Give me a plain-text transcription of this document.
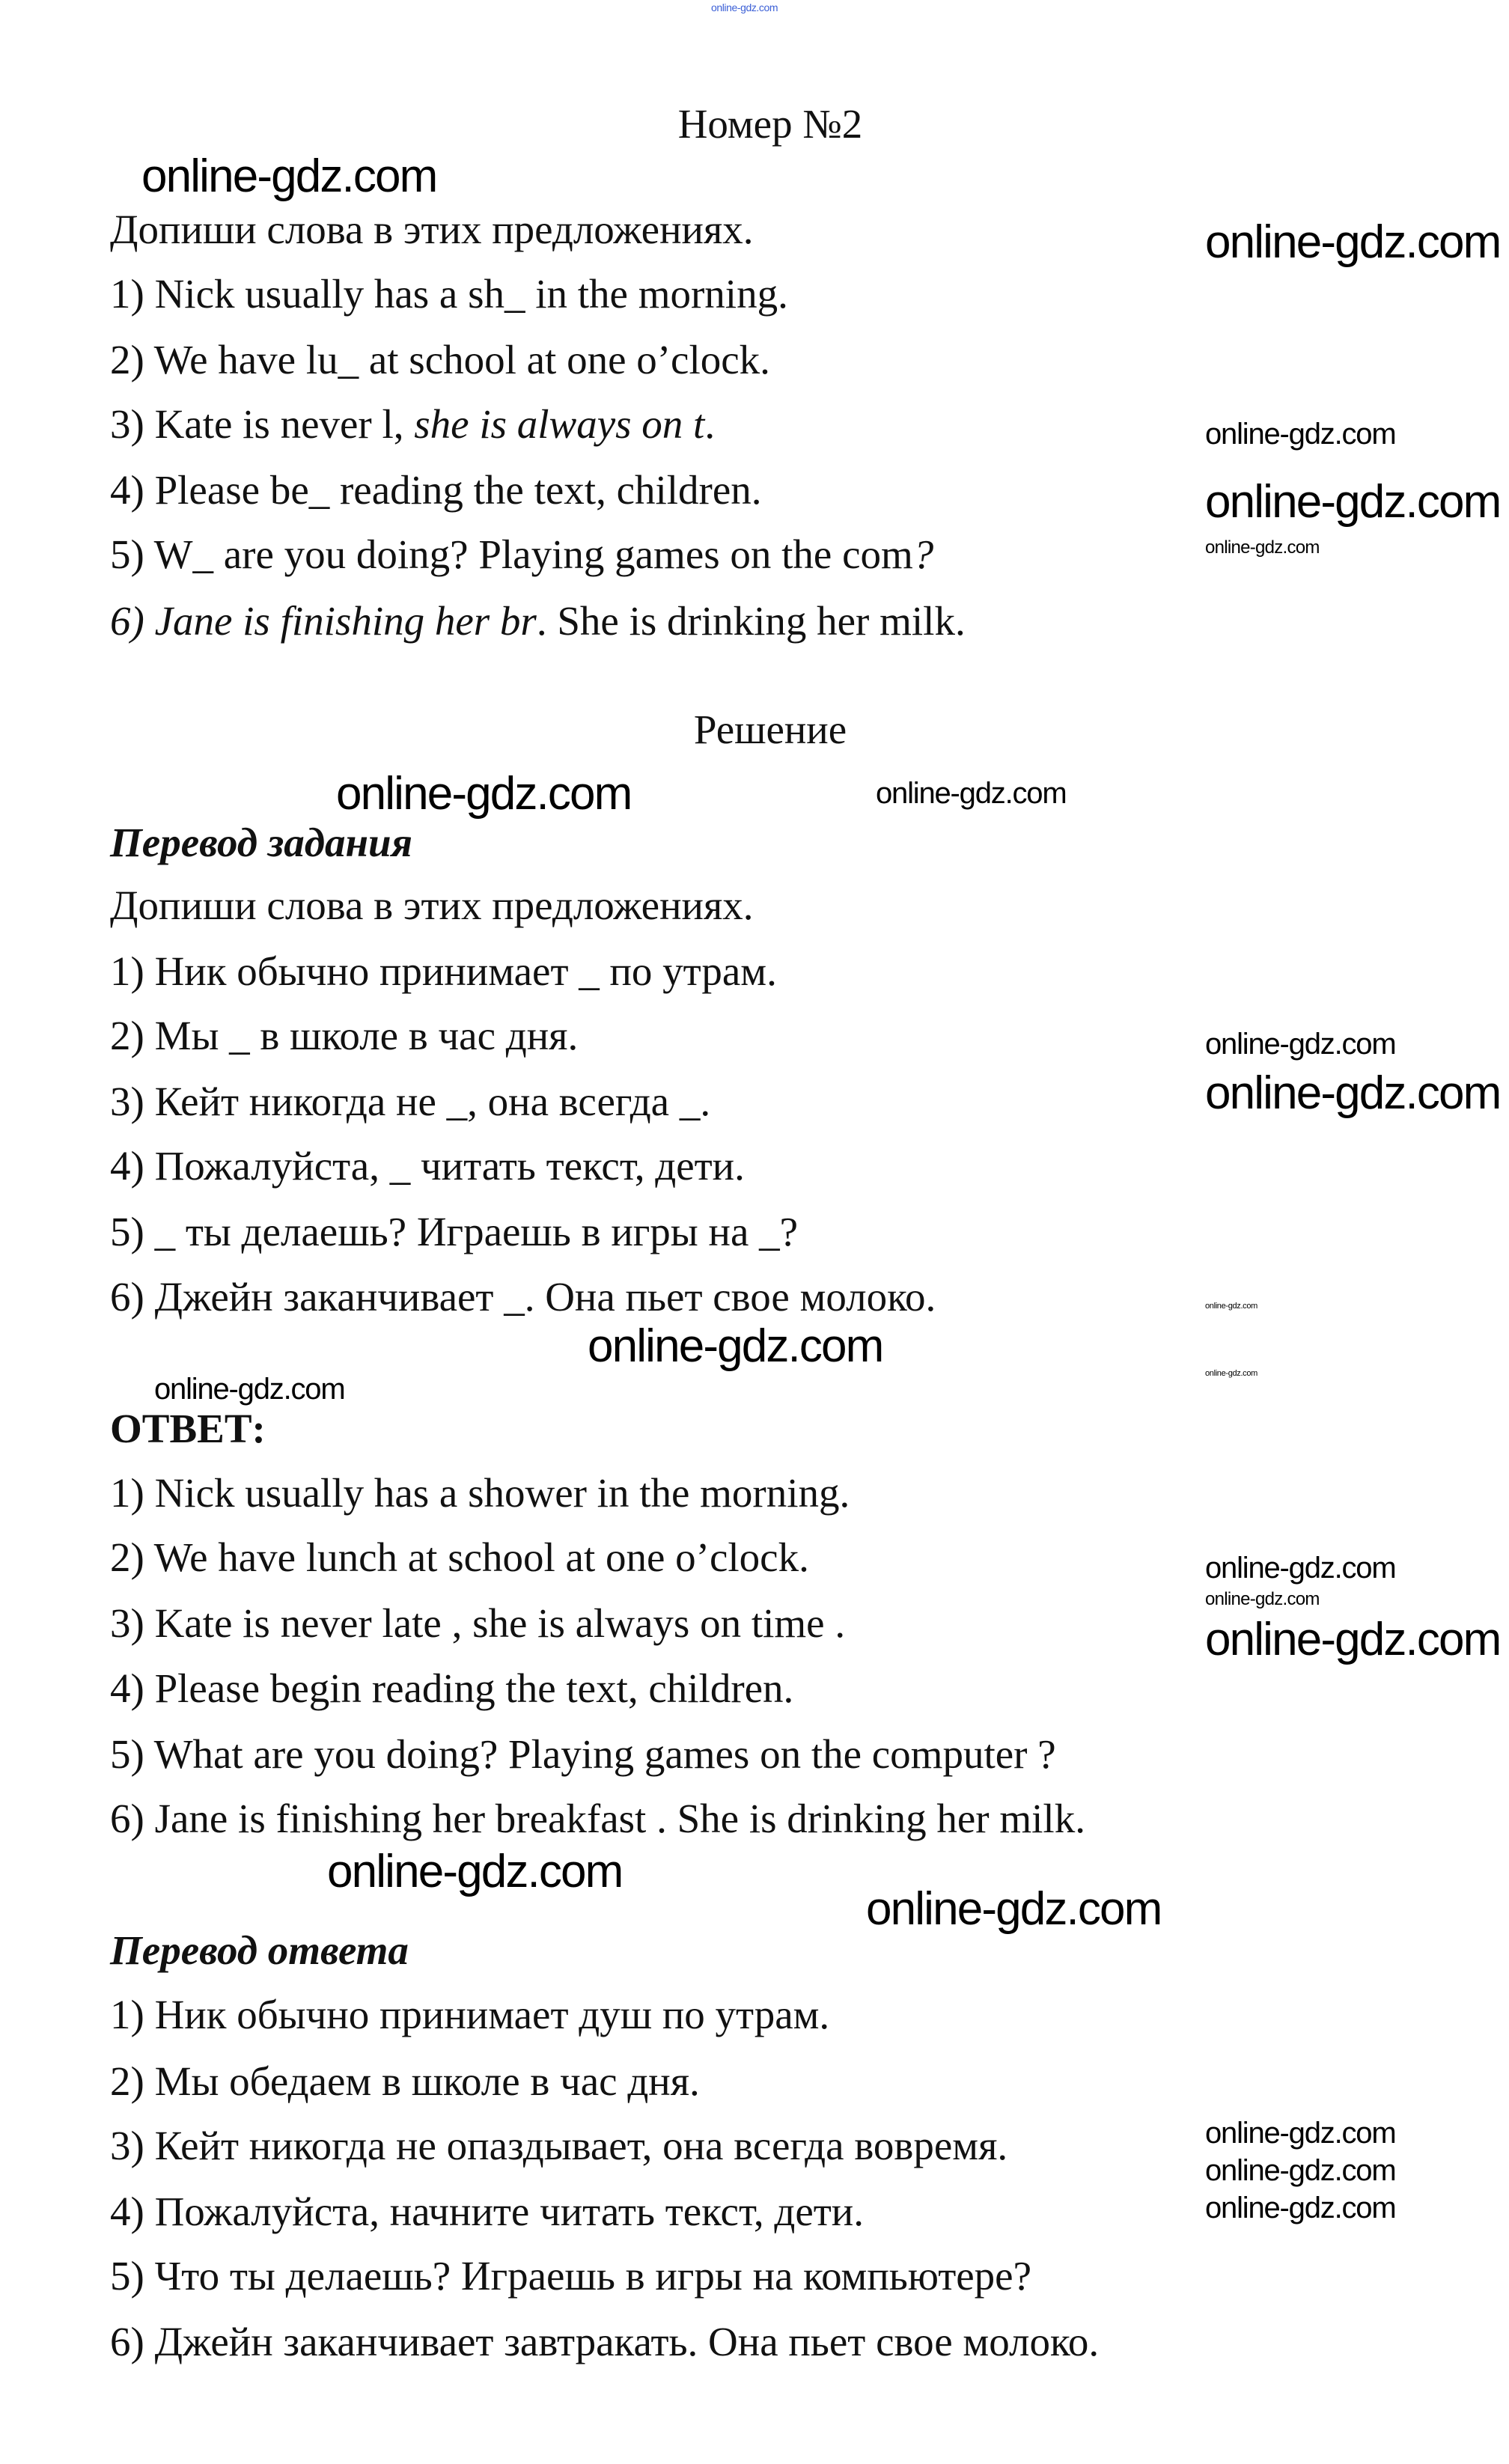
Номер №2
Допиши слова в этих предложениях.
1) Nick usually has a sh_ in the morning.
2) We have lu_ at school at one o’clock.
3) Kate is never l, she is always on t.
4) Please be_ reading the text, children.
5) W_ are you doing? Playing games on the com?
6) Jane is finishing her br. She is drinking her milk.
Решение
Перевод задания
Допиши слова в этих предложениях.
1) Ник обычно принимает _ по утрам.
2) Мы _ в школе в час дня.
3) Кейт никогда не _, она всегда _.
4) Пожалуйста, _ читать текст, дети.
5) _ ты делаешь? Играешь в игры на _?
6) Джейн заканчивает _. Она пьет свое молоко.
ОТВЕТ:
1) Nick usually has a shower in the morning.
2) We have lunch at school at one o’clock.
3) Kate is never late , she is always on time .
4) Please begin reading the text, children.
5) What are you doing? Playing games on the computer ?
6) Jane is finishing her breakfast . She is drinking her milk.
Перевод ответа
1) Ник обычно принимает душ по утрам.
2) Мы обедаем в школе в час дня.
3) Кейт никогда не опаздывает, она всегда вовремя.
4) Пожалуйста, начните читать текст, дети.
5) Что ты делаешь? Играешь в игры на компьютере?
6) Джейн заканчивает завтракать. Она пьет свое молоко.
online-gdz.com
online-gdz.com
online-gdz.com
online-gdz.com
online-gdz.com
online-gdz.com
online-gdz.com	online-gdz.com
online-gdz.com
online-gdz.com
online-gdz.com
online-gdz.com
online-gdz.com
online-gdz.com
online-gdz.com
online-gdz.com
online-gdz.com
online-gdz.com
online-gdz.com
online-gdz.com
online-gdz.com
online-gdz.com
